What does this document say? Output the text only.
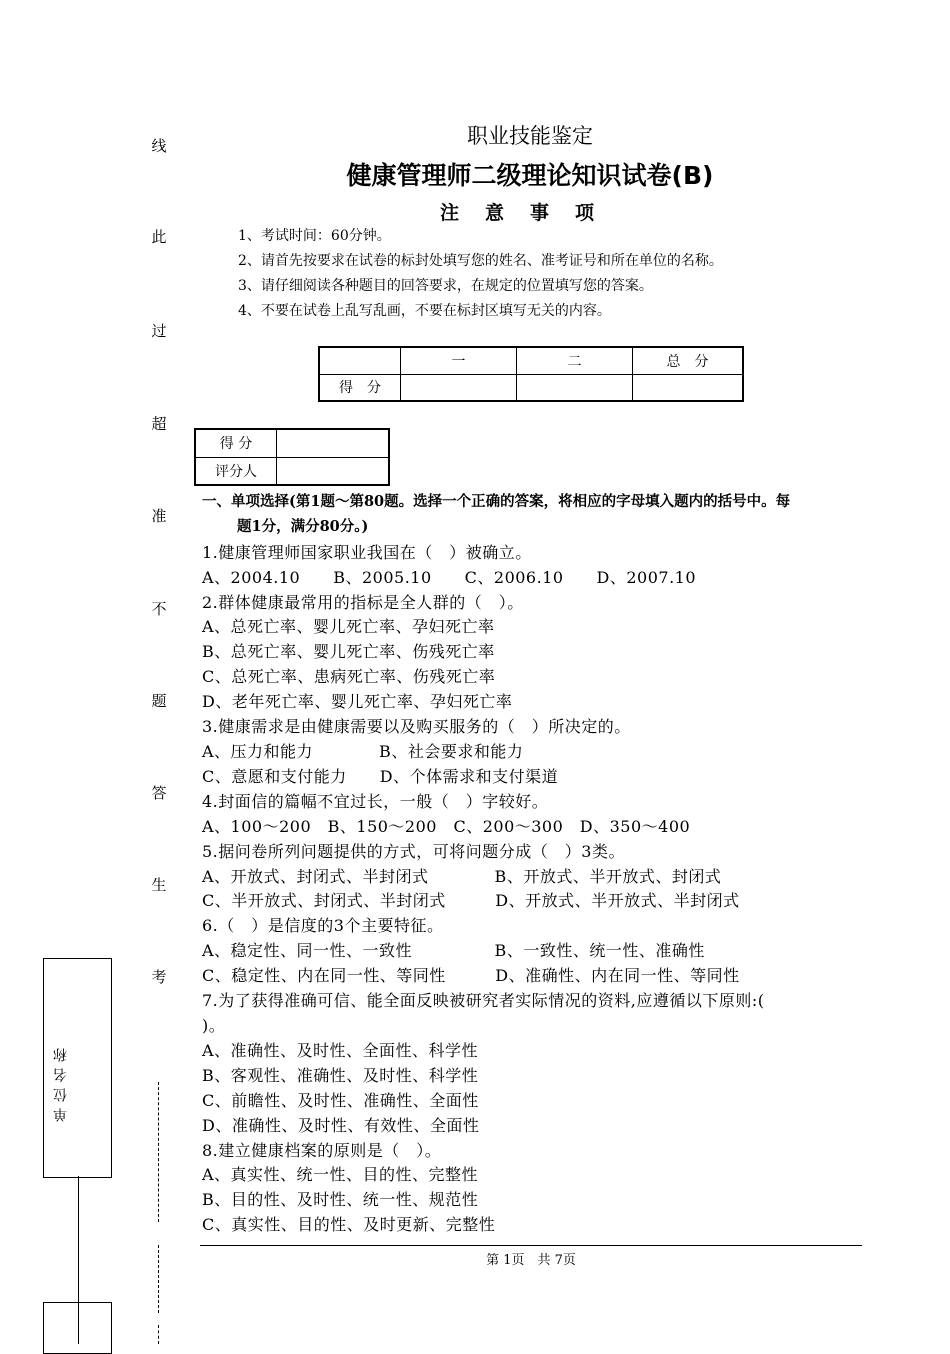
线
此
过
超
准
不
题
答
生
考
单位名称
职业技能鉴定
健康管理师二级理论知识试卷(B)
注意事项
1、考试时间：60分钟。
2、请首先按要求在试卷的标封处填写您的姓名、准考证号和所在单位的名称。
3、请仔细阅读各种题目的回答要求，在规定的位置填写您的答案。
4、不要在试卷上乱写乱画，不要在标封区填写无关的内容。
	一	二	总　分
得　分			
得 分	
评分人	
一、单项选择(第1题～第80题。选择一个正确的答案，将相应的字母填入题内的括号中。每
题1分，满分80分。)
1.健康管理师国家职业我国在（　）被确立。
A、2004.10　　B、2005.10　　C、2006.10　　D、2007.10
2.群体健康最常用的指标是全人群的（　）。
A、总死亡率、婴儿死亡率、孕妇死亡率
B、总死亡率、婴儿死亡率、伤残死亡率
C、总死亡率、患病死亡率、伤残死亡率
D、老年死亡率、婴儿死亡率、孕妇死亡率
3.健康需求是由健康需要以及购买服务的（　）所决定的。
A、压力和能力　　　　B、社会要求和能力
C、意愿和支付能力　　D、个体需求和支付渠道
4.封面信的篇幅不宜过长，一般（　）字较好。
A、100～200　B、150～200　C、200～300　D、350～400
5.据问卷所列问题提供的方式，可将问题分成（　）3类。
A、开放式、封闭式、半封闭式　　　　B、开放式、半开放式、封闭式
C、半开放式、封闭式、半封闭式　　　D、开放式、半开放式、半封闭式
6.（　）是信度的3个主要特征。
A、稳定性、同一性、一致性　　　　　B、一致性、统一性、准确性
C、稳定性、内在同一性、等同性　　　D、准确性、内在同一性、等同性
7.为了获得准确可信、能全面反映被研究者实际情况的资料,应遵循以下原则:(
)。
A、准确性、及时性、全面性、科学性
B、客观性、准确性、及时性、科学性
C、前瞻性、及时性、准确性、全面性
D、准确性、及时性、有效性、全面性
8.建立健康档案的原则是（　）。
A、真实性、统一性、目的性、完整性
B、目的性、及时性、统一性、规范性
C、真实性、目的性、及时更新、完整性
第 1页　共 7页
